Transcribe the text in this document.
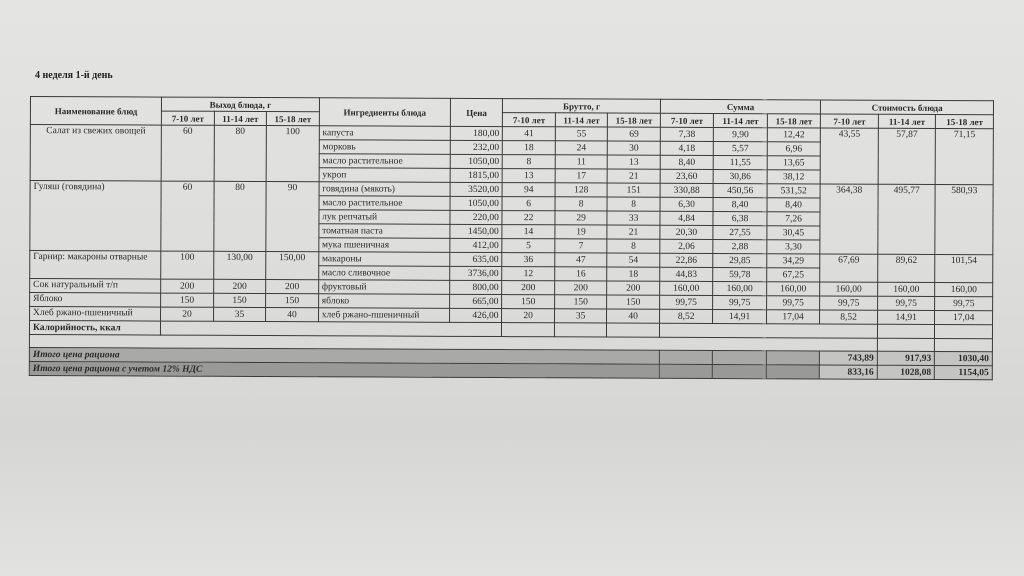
4 неделя 1-й день
Наименование блюд	Выход блюда, г			Ингредиенты блюда	Цена	Брутто, г			Сумма			Стоимость блюда		
	7-10 лет	11-14 лет	15-18 лет			7-10 лет	11-14 лет	15-18 лет	7-10 лет	11-14 лет	15-18 лет	7-10 лет	11-14 лет	15-18 лет
Салат из свежих овощей	60	80	100	капуста	180,00	41	55	69	7,38	9,90	12,42	43,55	57,87	71,15
				морковь	232,00	18	24	30	4,18	5,57	6,96			
				масло растительное	1050,00	8	11	13	8,40	11,55	13,65			
				укроп	1815,00	13	17	21	23,60	30,86	38,12			
Гуляш (говядина)	60	80	90	говядина (мякоть)	3520,00	94	128	151	330,88	450,56	531,52	364,38	495,77	580,93
				масло растительное	1050,00	6	8	8	6,30	8,40	8,40			
				лук репчатый	220,00	22	29	33	4,84	6,38	7,26			
				томатная паста	1450,00	14	19	21	20,30	27,55	30,45			
				мука пшеничная	412,00	5	7	8	2,06	2,88	3,30			
Гарнир: макароны отварные	100	130,00	150,00	макароны	635,00	36	47	54	22,86	29,85	34,29	67,69	89,62	101,54
				масло сливочное	3736,00	12	16	18	44,83	59,78	67,25			
Сок натуральный т/п	200	200	200	фруктовый	800,00	200	200	200	160,00	160,00	160,00	160,00	160,00	160,00
Яблоко	150	150	150	яблоко	665,00	150	150	150	99,75	99,75	99,75	99,75	99,75	99,75
Хлеб ржано-пшеничный	20	35	40	хлеб ржано-пшеничный	426,00	20	35	40	8,52	14,91	17,04	8,52	14,91	17,04
Калорийность, ккал														

Итого цена рациона												743,89	917,93	1030,40
Итого цена рациона с учетом 12% НДС												833,16	1028,08	1154,05
